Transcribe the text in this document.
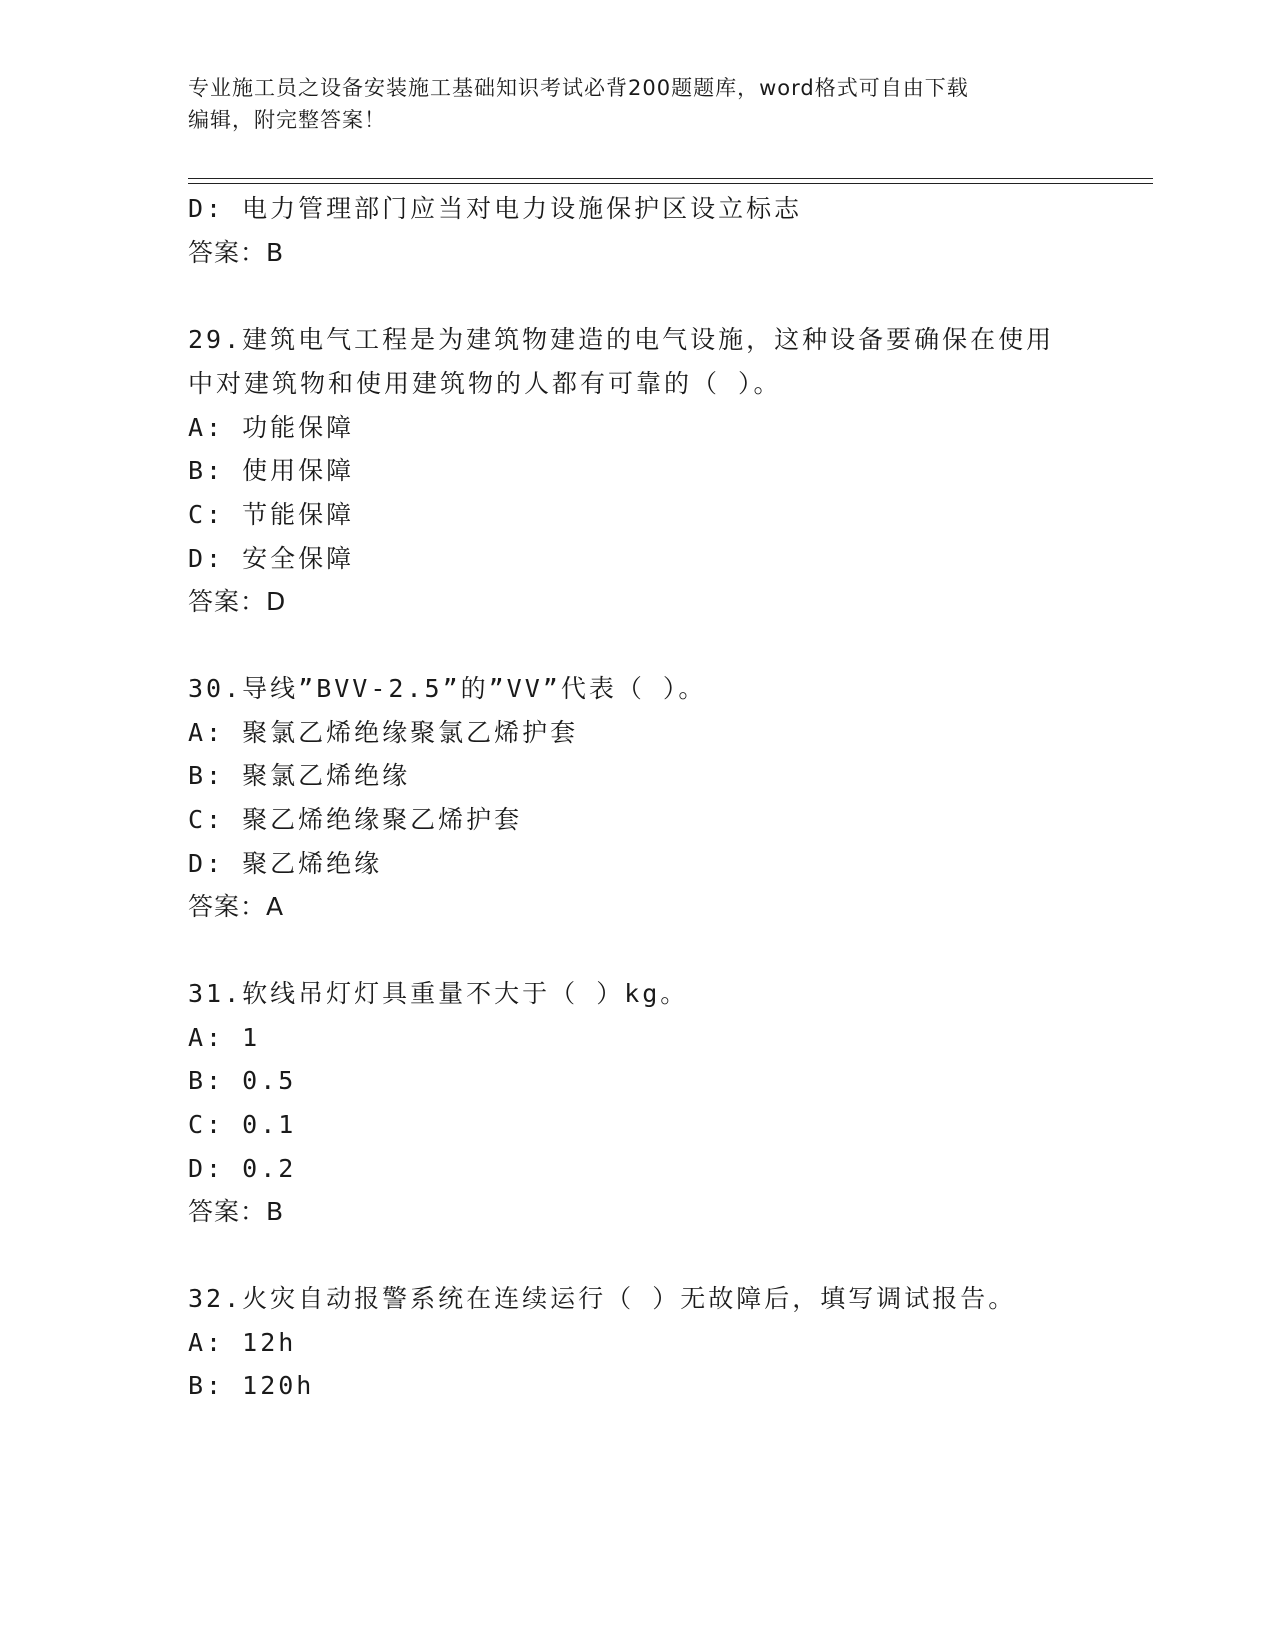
专业施工员之设备安装施工基础知识考试必背200题题库，word格式可自由下载
编辑，附完整答案！
D: 电力管理部门应当对电力设施保护区设立标志
答案：B
29.建筑电气工程是为建筑物建造的电气设施，这种设备要确保在使用
中对建筑物和使用建筑物的人都有可靠的（ ）。
A: 功能保障
B: 使用保障
C: 节能保障
D: 安全保障
答案：D
30.导线”BVV-2.5”的”VV”代表（ ）。
A: 聚氯乙烯绝缘聚氯乙烯护套
B: 聚氯乙烯绝缘
C: 聚乙烯绝缘聚乙烯护套
D: 聚乙烯绝缘
答案：A
31.软线吊灯灯具重量不大于（ ）kg。
A: 1
B: 0.5
C: 0.1
D: 0.2
答案：B
32.火灾自动报警系统在连续运行（ ）无故障后，填写调试报告。
A: 12h
B: 120h
